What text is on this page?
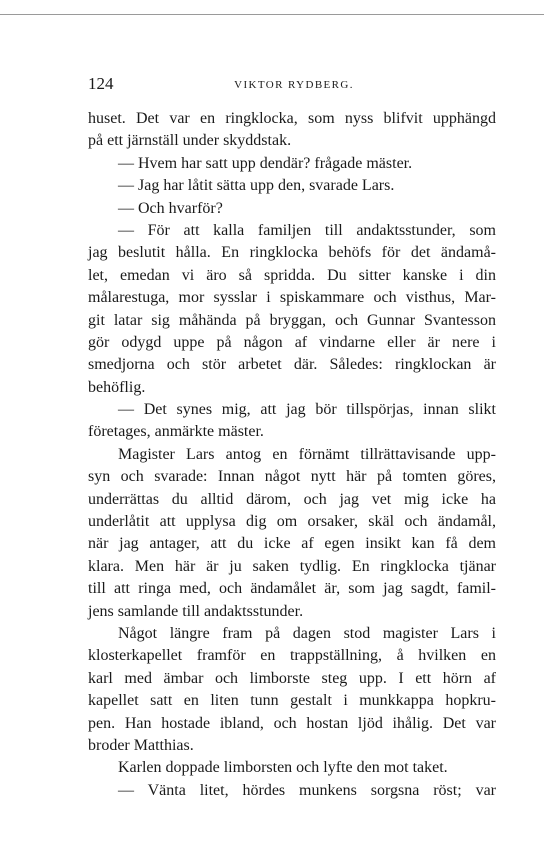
124	VIKTOR RYDBERG.
huset. Det var en ringklocka, som nyss blifvit upphängd
på ett järnställ under skyddstak.
— Hvem har satt upp dendär? frågade mäster.
— Jag har låtit sätta upp den, svarade Lars.
— Och hvarför?
— För att kalla familjen till andaktsstunder, som
jag beslutit hålla. En ringklocka behöfs för det ändamå-
let, emedan vi äro så spridda. Du sitter kanske i din
målarestuga, mor sysslar i spiskammare och visthus, Mar-
git latar sig måhända på bryggan, och Gunnar Svantesson
gör odygd uppe på någon af vindarne eller är nere i
smedjorna och stör arbetet där. Således: ringklockan är
behöflig.
— Det synes mig, att jag bör tillspörjas, innan slikt
företages, anmärkte mäster.
Magister Lars antog en förnämt tillrättavisande upp-
syn och svarade: Innan något nytt här på tomten göres,
underrättas du alltid därom, och jag vet mig icke ha
underlåtit att upplysa dig om orsaker, skäl och ändamål,
när jag antager, att du icke af egen insikt kan få dem
klara. Men här är ju saken tydlig. En ringklocka tjänar
till att ringa med, och ändamålet är, som jag sagdt, famil-
jens samlande till andaktsstunder.
Något längre fram på dagen stod magister Lars i
klosterkapellet framför en trappställning, å hvilken en
karl med ämbar och limborste steg upp. I ett hörn af
kapellet satt en liten tunn gestalt i munkkappa hopkru-
pen. Han hostade ibland, och hostan ljöd ihålig. Det var
broder Matthias.
Karlen doppade limborsten och lyfte den mot taket.
— Vänta litet, hördes munkens sorgsna röst; var
